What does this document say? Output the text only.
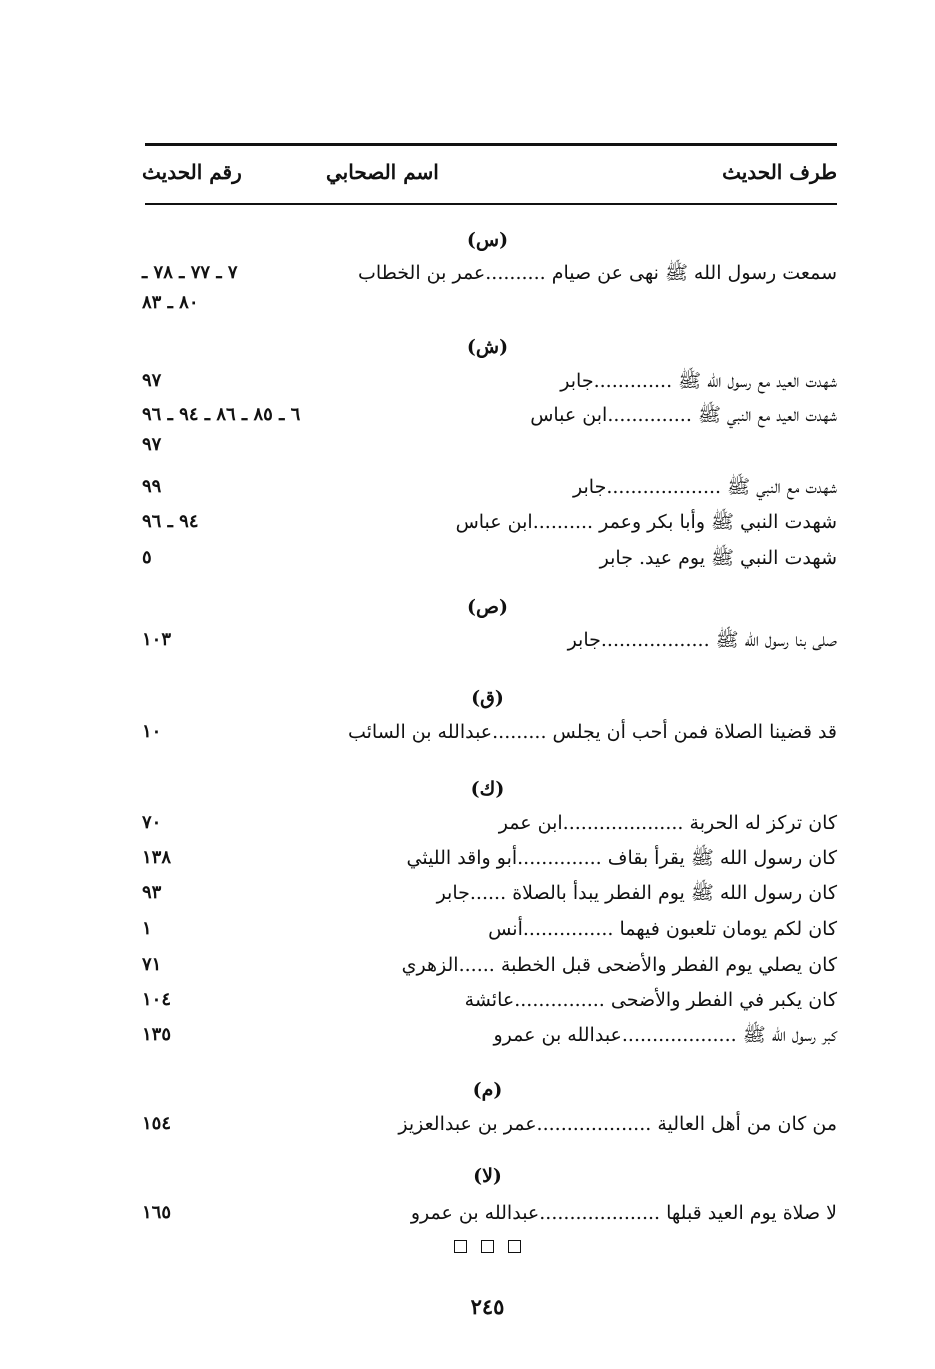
طرف الحديث
اسم الصحابي
رقم الحديث
(س)
سمعت رسول الله ﷺ نهى عن صيام ..........عمر بن الخطاب
٧ ـ ٧٧ ـ ٧٨ ـ
٨٠ ـ ٨٣
(ش)
شهدت العيد مع رسول الله ﷺ .............جابر
٩٧
شهدت العيد مع النبي ﷺ ..............ابن عباس
٦ ـ ٨٥ ـ ٨٦ ـ ٩٤ ـ ٩٦
٩٧
شهدت مع النبي ﷺ ...................جابر
٩٩
شهدت النبي ﷺ وأبا بكر وعمر ..........ابن عباس
٩٤ ـ ٩٦
شهدت النبي ﷺ يوم عيد. جابر
٥
(ص)
صلى بنا رسول الله ﷺ ..................جابر
١٠٣
(ق)
قد قضينا الصلاة فمن أحب أن يجلس .........عبدالله بن السائب
١٠
(ك)
كان تركز له الحربة ....................ابن عمر
٧٠
كان رسول الله ﷺ يقرأ بقاف ..............أبو واقد الليثي
١٣٨
كان رسول الله ﷺ يوم الفطر يبدأ بالصلاة ......جابر
٩٣
كان لكم يومان تلعبون فيهما ...............أنس
١
كان يصلي يوم الفطر والأضحى قبل الخطبة ......الزهري
٧١
كان يكبر في الفطر والأضحى ...............عائشة
١٠٤
كبر رسول الله ﷺ ...................عبدالله بن عمرو
١٣٥
(م)
من كان من أهل العالية ...................عمر بن عبدالعزيز
١٥٤
(لا)
لا صلاة يوم العيد قبلها ....................عبدالله بن عمرو
١٦٥
٢٤٥
